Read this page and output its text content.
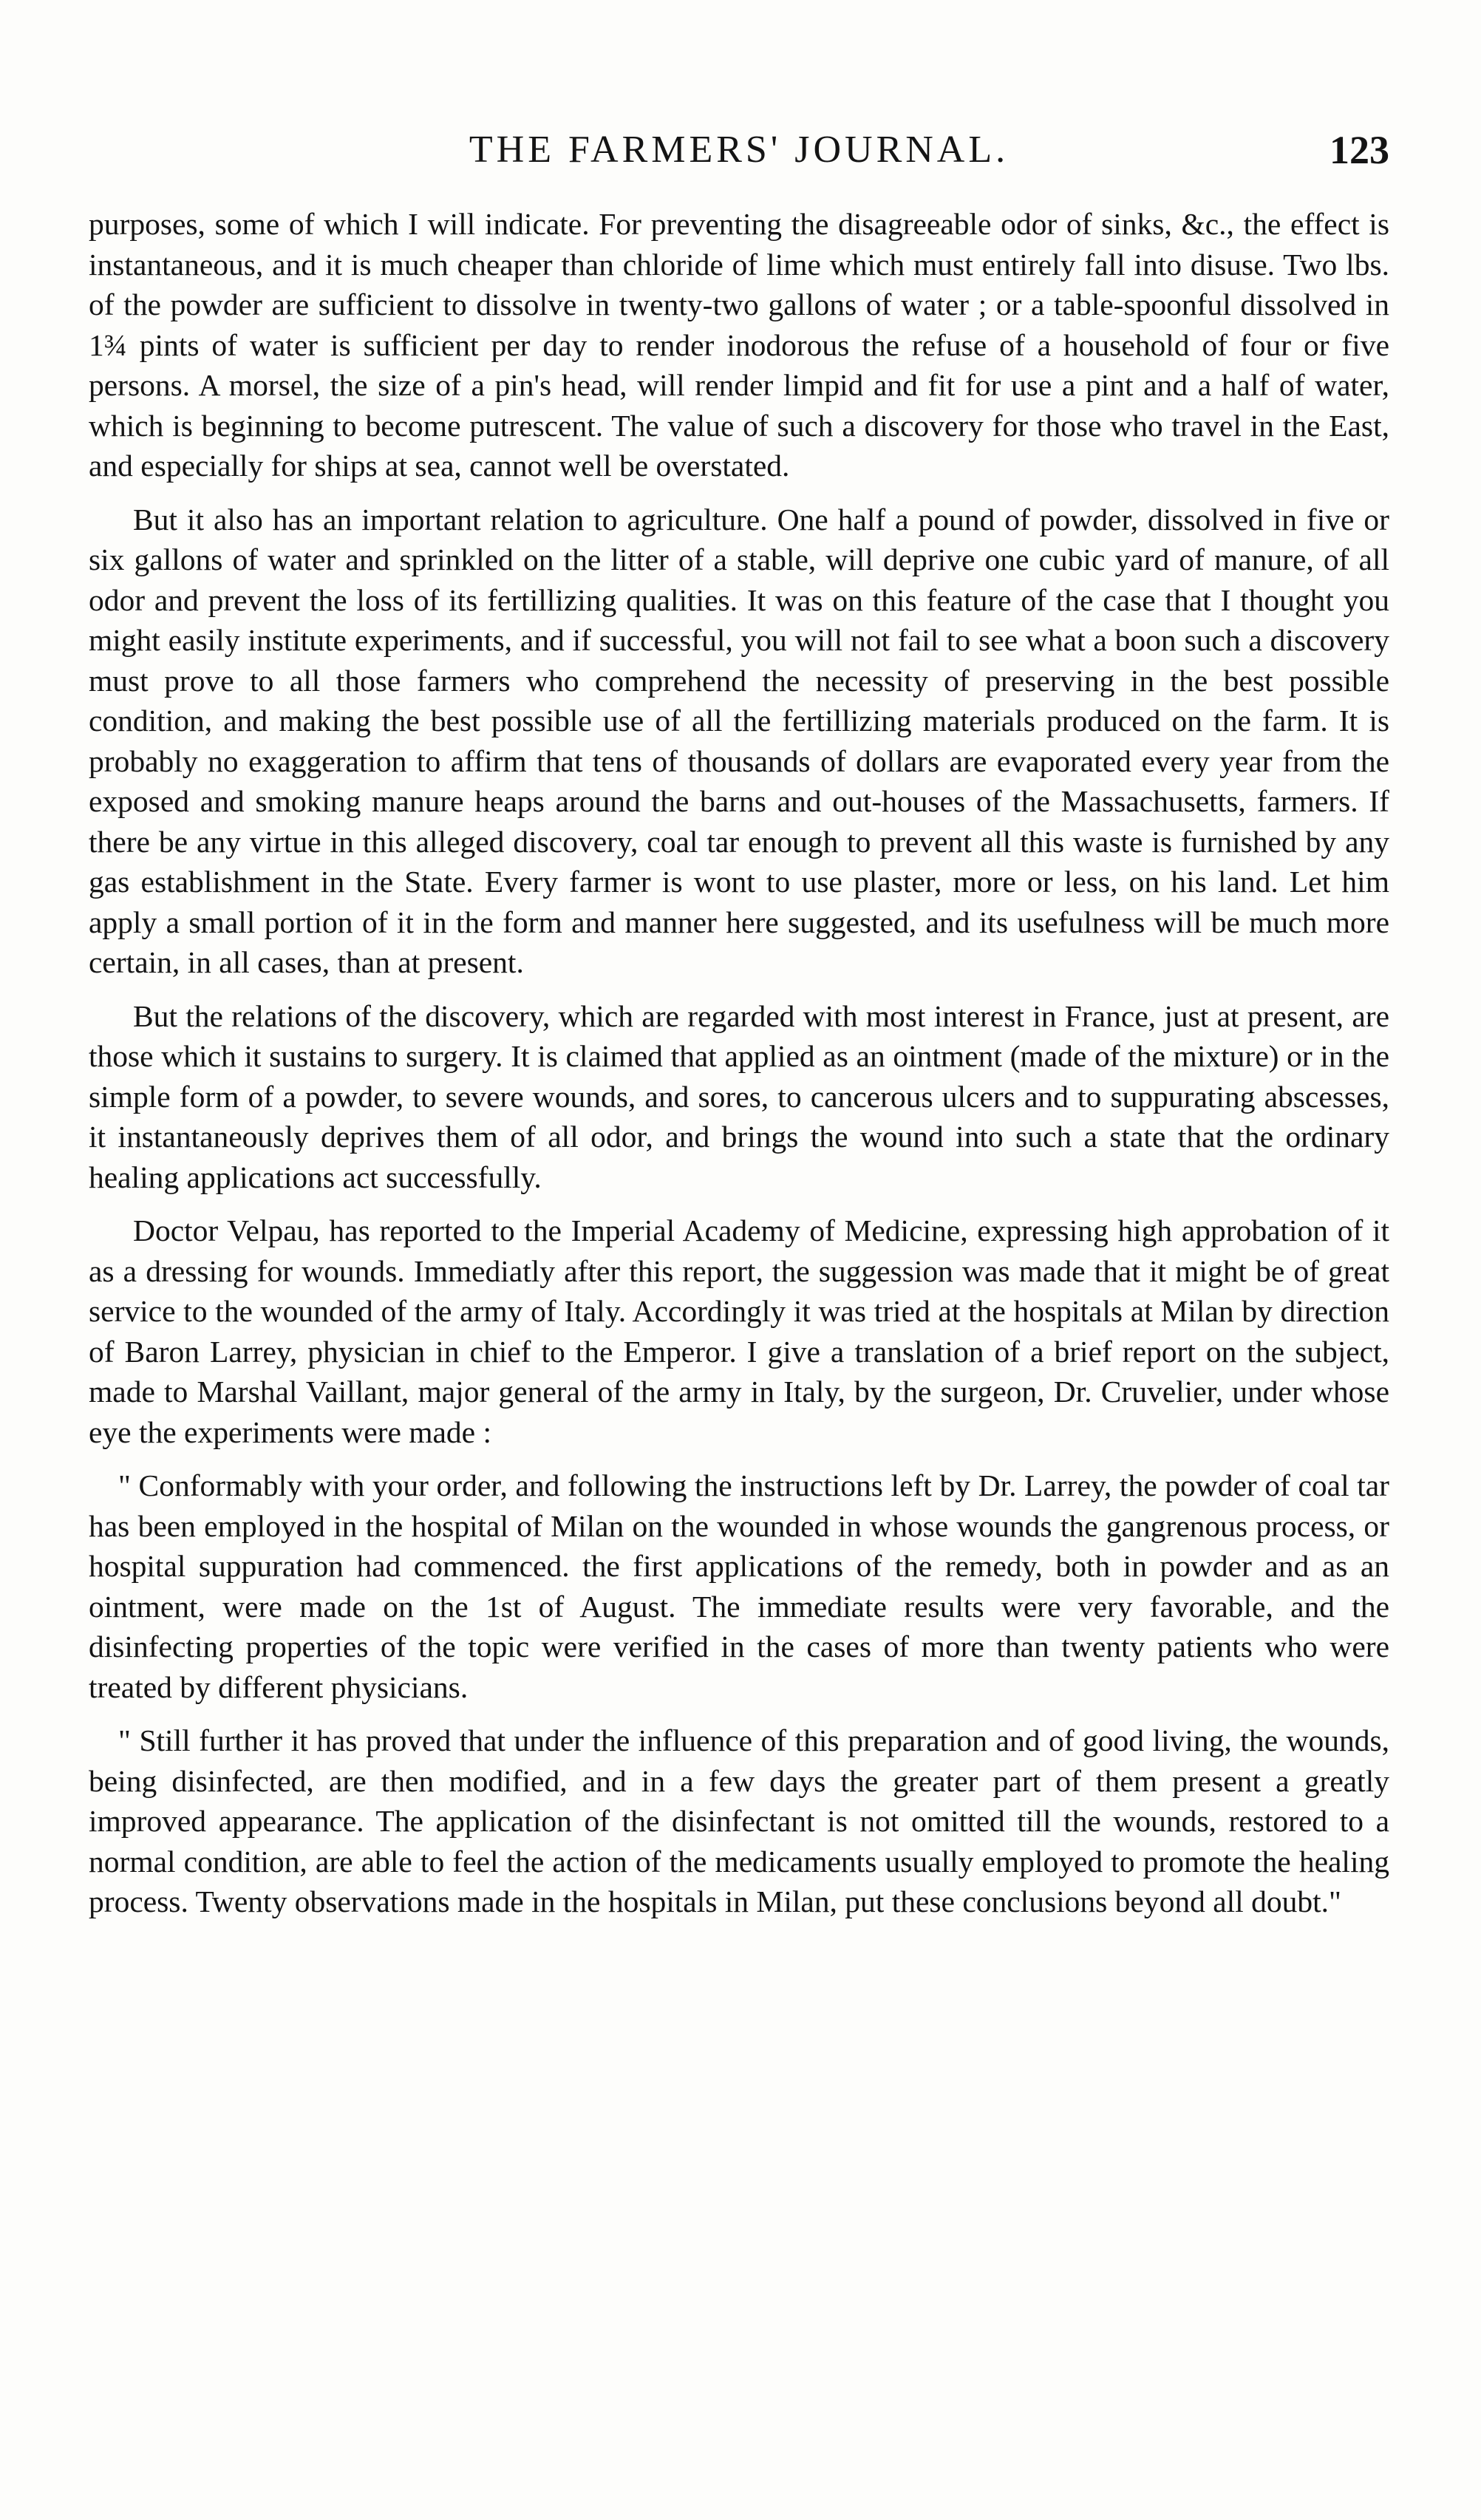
THE FARMERS' JOURNAL.	123

purposes, some of which I will indicate. For preventing the disagreeable odor of sinks, &c., the effect is instantaneous, and it is much cheaper than chloride of lime which must entirely fall into disuse. Two lbs. of the powder are sufficient to dissolve in twenty-two gallons of water ; or a table-spoonful dissolved in 1¾ pints of water is sufficient per day to render inodorous the refuse of a household of four or five persons. A morsel, the size of a pin's head, will render limpid and fit for use a pint and a half of water, which is beginning to become putrescent. The value of such a discovery for those who travel in the East, and especially for ships at sea, cannot well be overstated.

But it also has an important relation to agriculture. One half a pound of powder, dissolved in five or six gallons of water and sprinkled on the litter of a stable, will deprive one cubic yard of manure, of all odor and prevent the loss of its fertillizing qualities. It was on this feature of the case that I thought you might easily institute experiments, and if successful, you will not fail to see what a boon such a discovery must prove to all those farmers who comprehend the necessity of preserving in the best possible condition, and making the best possible use of all the fertillizing materials produced on the farm. It is probably no exaggeration to affirm that tens of thousands of dollars are evaporated every year from the exposed and smoking manure heaps around the barns and out-houses of the Massachusetts, farmers. If there be any virtue in this alleged discovery, coal tar enough to prevent all this waste is furnished by any gas establishment in the State. Every farmer is wont to use plaster, more or less, on his land. Let him apply a small portion of it in the form and manner here suggested, and its usefulness will be much more certain, in all cases, than at present.

But the relations of the discovery, which are regarded with most interest in France, just at present, are those which it sustains to surgery. It is claimed that applied as an ointment (made of the mixture) or in the simple form of a powder, to severe wounds, and sores, to cancerous ulcers and to suppurating abscesses, it instantaneously deprives them of all odor, and brings the wound into such a state that the ordinary healing applications act successfully.

Doctor Velpau, has reported to the Imperial Academy of Medicine, expressing high approbation of it as a dressing for wounds. Immediatly after this report, the suggession was made that it might be of great service to the wounded of the army of Italy. Accordingly it was tried at the hospitals at Milan by direction of Baron Larrey, physician in chief to the Emperor. I give a translation of a brief report on the subject, made to Marshal Vaillant, major general of the army in Italy, by the surgeon, Dr. Cruvelier, under whose eye the experiments were made :

" Conformably with your order, and following the instructions left by Dr. Larrey, the powder of coal tar has been employed in the hospital of Milan on the wounded in whose wounds the gangrenous process, or hospital suppuration had commenced. the first applications of the remedy, both in powder and as an ointment, were made on the 1st of August. The immediate results were very favorable, and the disinfecting properties of the topic were verified in the cases of more than twenty patients who were treated by different physicians.

" Still further it has proved that under the influence of this preparation and of good living, the wounds, being disinfected, are then modified, and in a few days the greater part of them present a greatly improved appearance. The application of the disinfectant is not omitted till the wounds, restored to a normal condition, are able to feel the action of the medicaments usually employed to promote the healing process. Twenty observations made in the hospitals in Milan, put these conclusions beyond all doubt."
